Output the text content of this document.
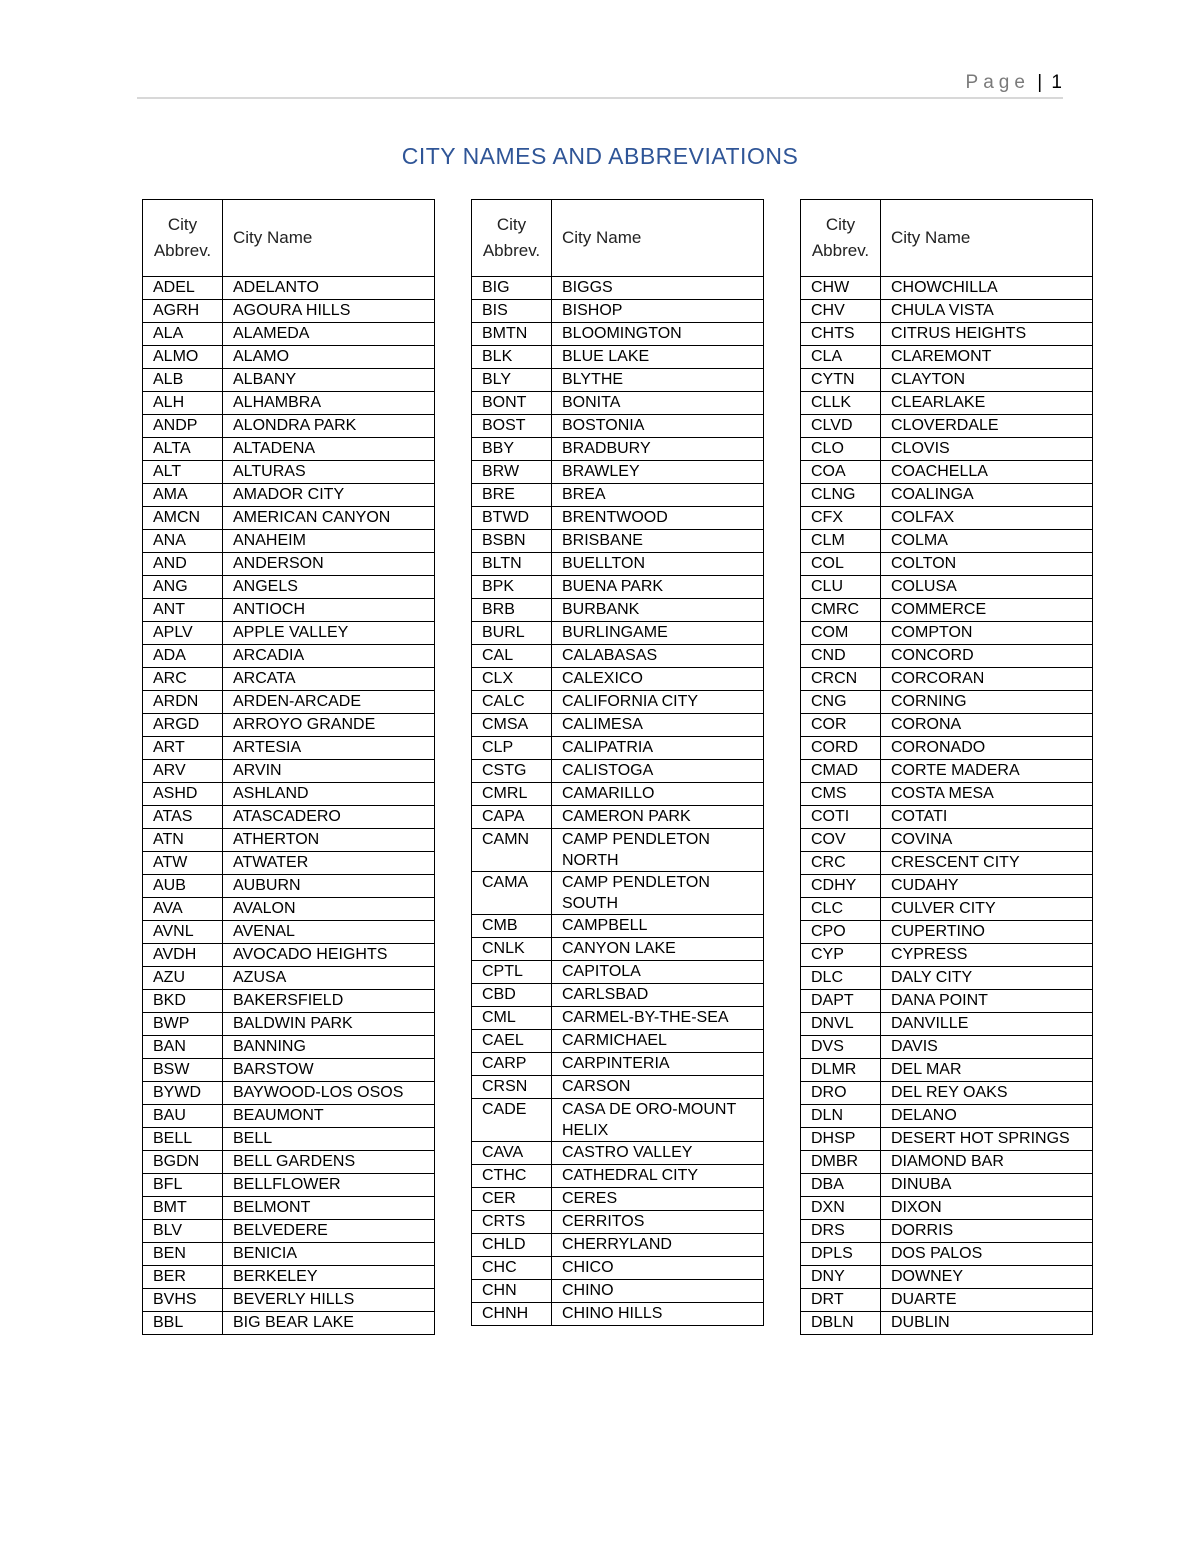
Page | 1
CITY NAMES AND ABBREVIATIONS
City
Abbrev.	City Name
ADEL	ADELANTO
AGRH	AGOURA HILLS
ALA	ALAMEDA
ALMO	ALAMO
ALB	ALBANY
ALH	ALHAMBRA
ANDP	ALONDRA PARK
ALTA	ALTADENA
ALT	ALTURAS
AMA	AMADOR CITY
AMCN	AMERICAN CANYON
ANA	ANAHEIM
AND	ANDERSON
ANG	ANGELS
ANT	ANTIOCH
APLV	APPLE VALLEY
ADA	ARCADIA
ARC	ARCATA
ARDN	ARDEN-ARCADE
ARGD	ARROYO GRANDE
ART	ARTESIA
ARV	ARVIN
ASHD	ASHLAND
ATAS	ATASCADERO
ATN	ATHERTON
ATW	ATWATER
AUB	AUBURN
AVA	AVALON
AVNL	AVENAL
AVDH	AVOCADO HEIGHTS
AZU	AZUSA
BKD	BAKERSFIELD
BWP	BALDWIN PARK
BAN	BANNING
BSW	BARSTOW
BYWD	BAYWOOD-LOS OSOS
BAU	BEAUMONT
BELL	BELL
BGDN	BELL GARDENS
BFL	BELLFLOWER
BMT	BELMONT
BLV	BELVEDERE
BEN	BENICIA
BER	BERKELEY
BVHS	BEVERLY HILLS
BBL	BIG BEAR LAKE
City
Abbrev.	City Name
BIG	BIGGS
BIS	BISHOP
BMTN	BLOOMINGTON
BLK	BLUE LAKE
BLY	BLYTHE
BONT	BONITA
BOST	BOSTONIA
BBY	BRADBURY
BRW	BRAWLEY
BRE	BREA
BTWD	BRENTWOOD
BSBN	BRISBANE
BLTN	BUELLTON
BPK	BUENA PARK
BRB	BURBANK
BURL	BURLINGAME
CAL	CALABASAS
CLX	CALEXICO
CALC	CALIFORNIA CITY
CMSA	CALIMESA
CLP	CALIPATRIA
CSTG	CALISTOGA
CMRL	CAMARILLO
CAPA	CAMERON PARK
CAMN	CAMP PENDLETON NORTH
CAMA	CAMP PENDLETON SOUTH
CMB	CAMPBELL
CNLK	CANYON LAKE
CPTL	CAPITOLA
CBD	CARLSBAD
CML	CARMEL-BY-THE-SEA
CAEL	CARMICHAEL
CARP	CARPINTERIA
CRSN	CARSON
CADE	CASA DE ORO-MOUNT HELIX
CAVA	CASTRO VALLEY
CTHC	CATHEDRAL CITY
CER	CERES
CRTS	CERRITOS
CHLD	CHERRYLAND
CHC	CHICO
CHN	CHINO
CHNH	CHINO HILLS
City
Abbrev.	City Name
CHW	CHOWCHILLA
CHV	CHULA VISTA
CHTS	CITRUS HEIGHTS
CLA	CLAREMONT
CYTN	CLAYTON
CLLK	CLEARLAKE
CLVD	CLOVERDALE
CLO	CLOVIS
COA	COACHELLA
CLNG	COALINGA
CFX	COLFAX
CLM	COLMA
COL	COLTON
CLU	COLUSA
CMRC	COMMERCE
COM	COMPTON
CND	CONCORD
CRCN	CORCORAN
CNG	CORNING
COR	CORONA
CORD	CORONADO
CMAD	CORTE MADERA
CMS	COSTA MESA
COTI	COTATI
COV	COVINA
CRC	CRESCENT CITY
CDHY	CUDAHY
CLC	CULVER CITY
CPO	CUPERTINO
CYP	CYPRESS
DLC	DALY CITY
DAPT	DANA POINT
DNVL	DANVILLE
DVS	DAVIS
DLMR	DEL MAR
DRO	DEL REY OAKS
DLN	DELANO
DHSP	DESERT HOT SPRINGS
DMBR	DIAMOND BAR
DBA	DINUBA
DXN	DIXON
DRS	DORRIS
DPLS	DOS PALOS
DNY	DOWNEY
DRT	DUARTE
DBLN	DUBLIN
